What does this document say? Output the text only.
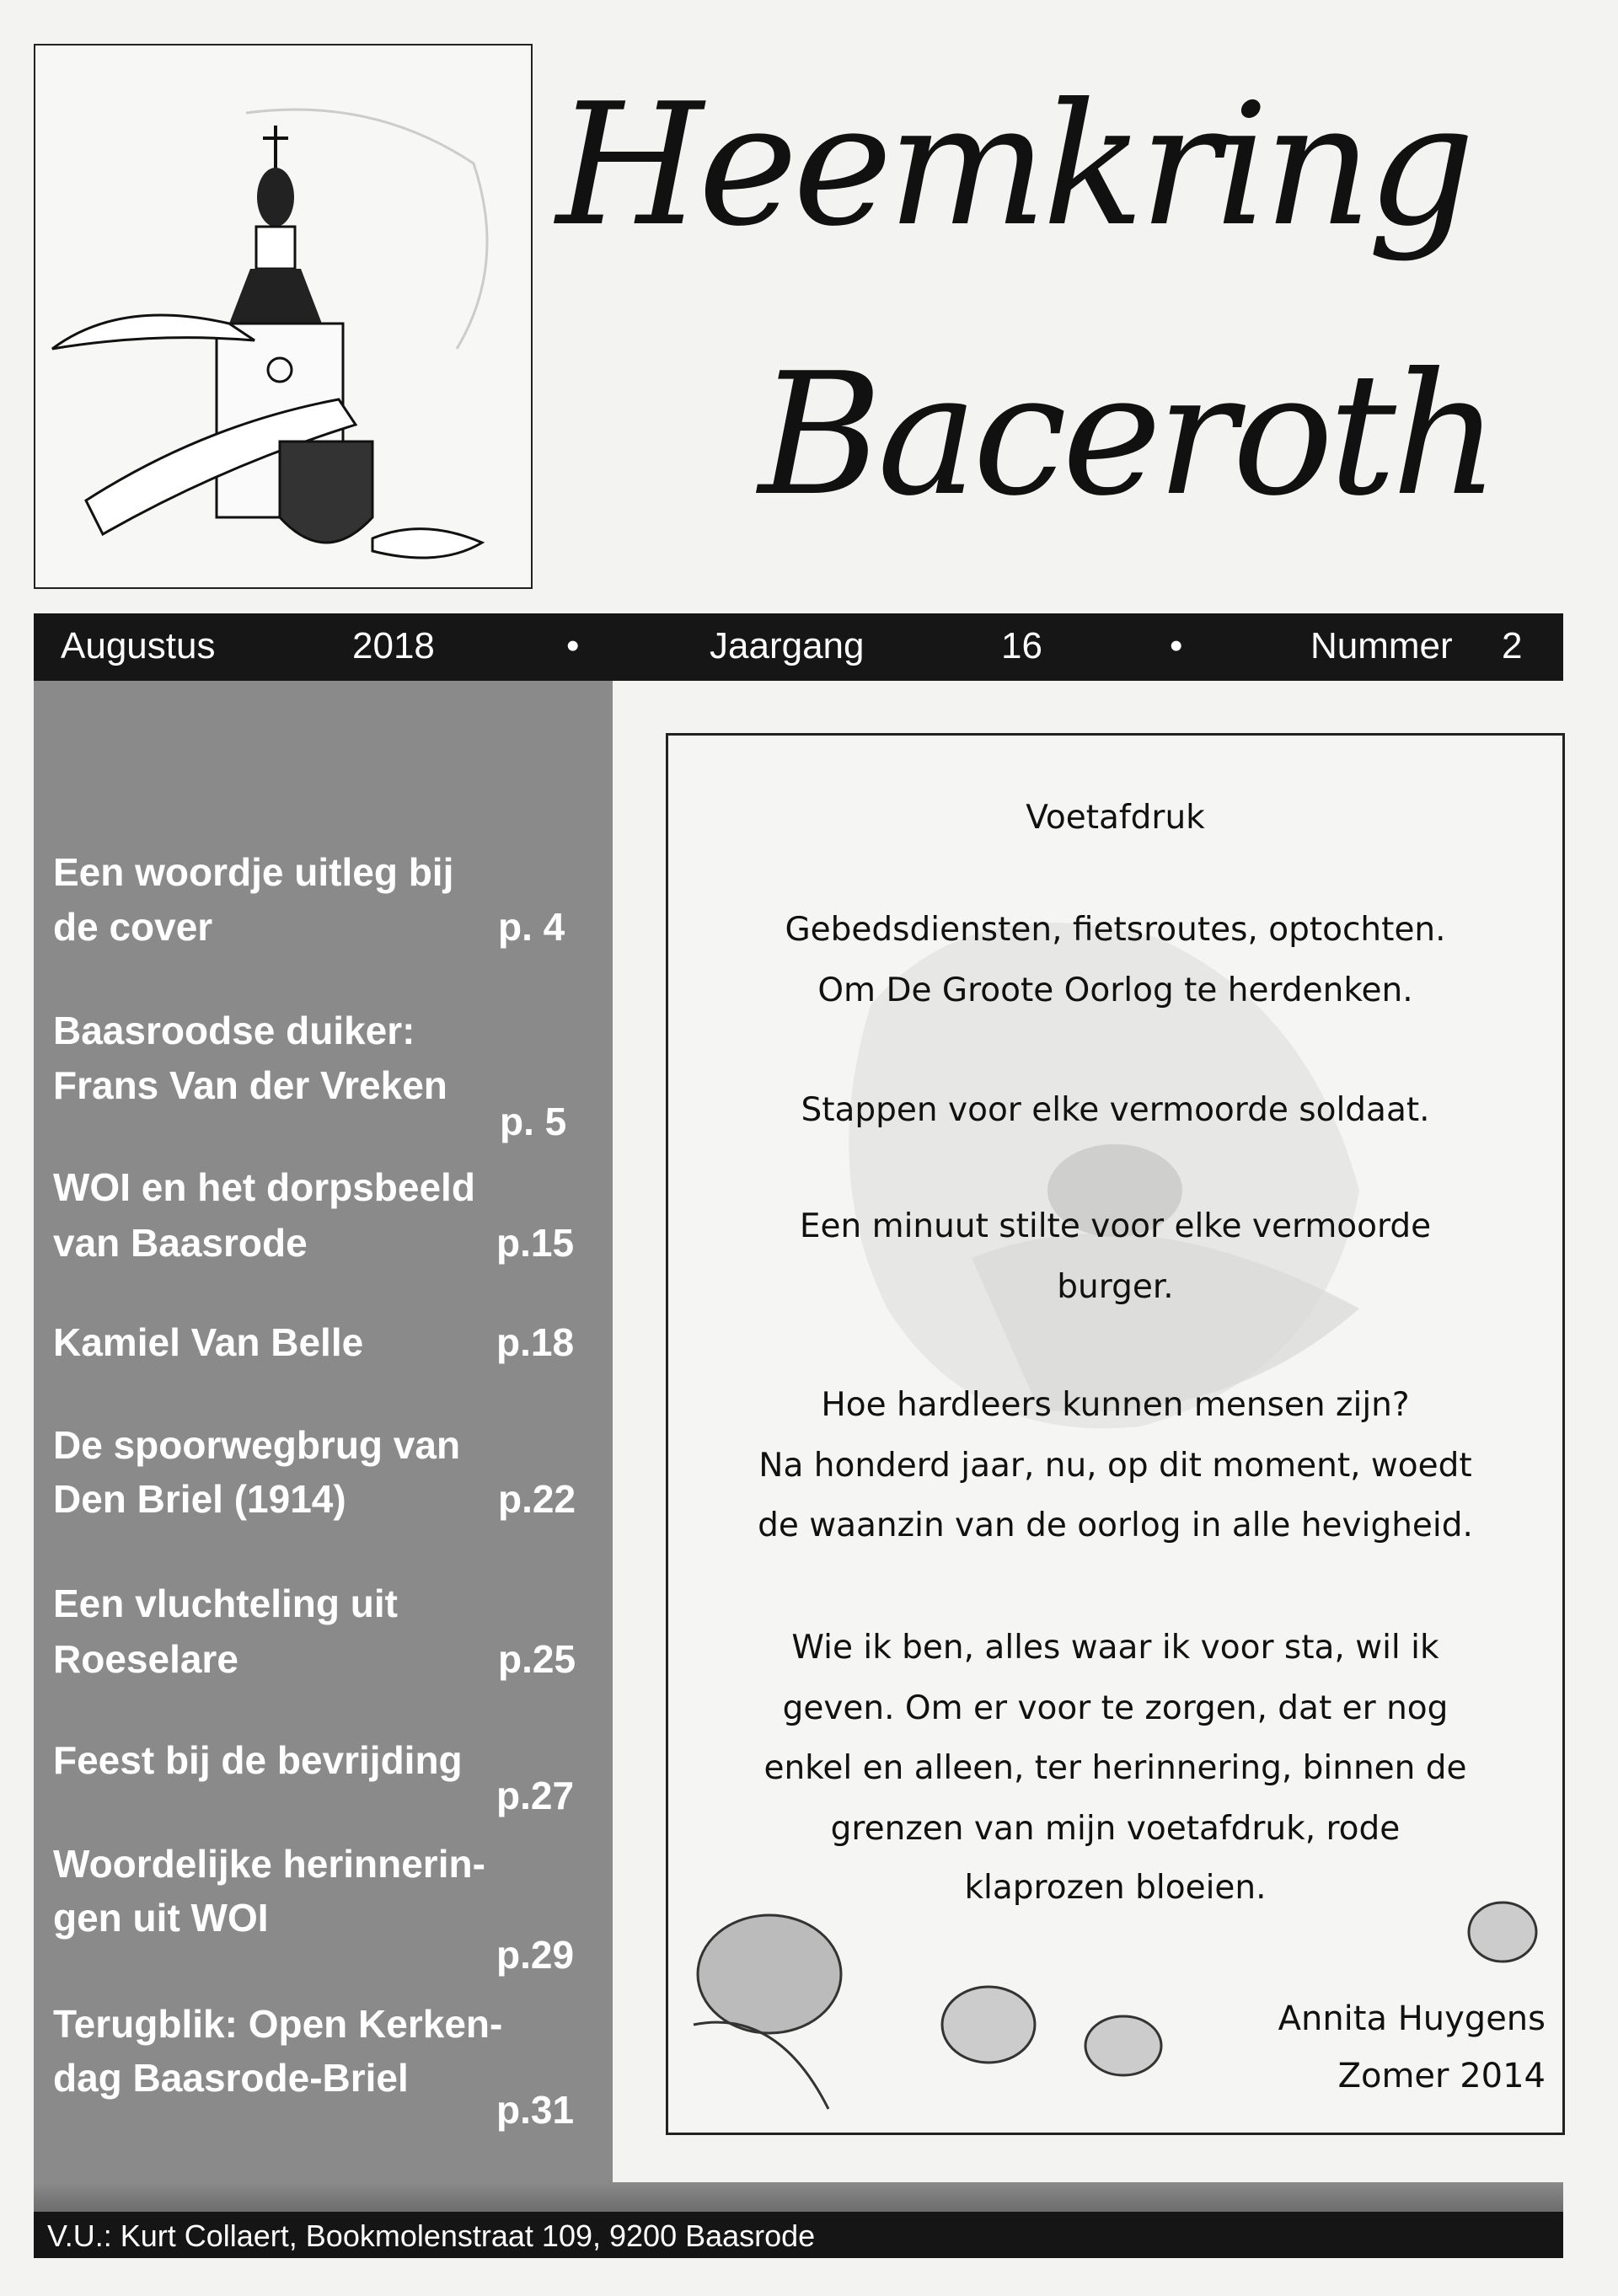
Heemkring
Baceroth
Augustus	2018	•	Jaargang	16	•	Nummer 2
Een woordje uitleg bij
de cover	p. 4
Baasroodse duiker:
Frans Van der Vreken
p. 5
WOI en het dorpsbeeld
van Baasrode	p.15
Kamiel Van Belle	p.18
De spoorwegbrug van
Den Briel (1914)	p.22
Een vluchteling uit
Roeselare	p.25
Feest bij de bevrijding
p.27
Woordelijke herinnerin-
gen uit WOI
p.29
Terugblik: Open Kerken-
dag Baasrode-Briel
p.31
Voetafdruk
Gebedsdiensten, fietsroutes, optochten.
Om De Groote Oorlog te herdenken.
Stappen voor elke vermoorde soldaat.
Een minuut stilte voor elke vermoorde
burger.
Hoe hardleers kunnen mensen zijn?
Na honderd jaar, nu, op dit moment, woedt
de waanzin van de oorlog in alle hevigheid.
Wie ik ben, alles waar ik voor sta, wil ik
geven. Om er voor te zorgen, dat er nog
enkel en alleen, ter herinnering, binnen de
grenzen van mijn voetafdruk, rode
klaprozen bloeien.
Annita Huygens
Zomer 2014
V.U.: Kurt Collaert, Bookmolenstraat 109, 9200 Baasrode
